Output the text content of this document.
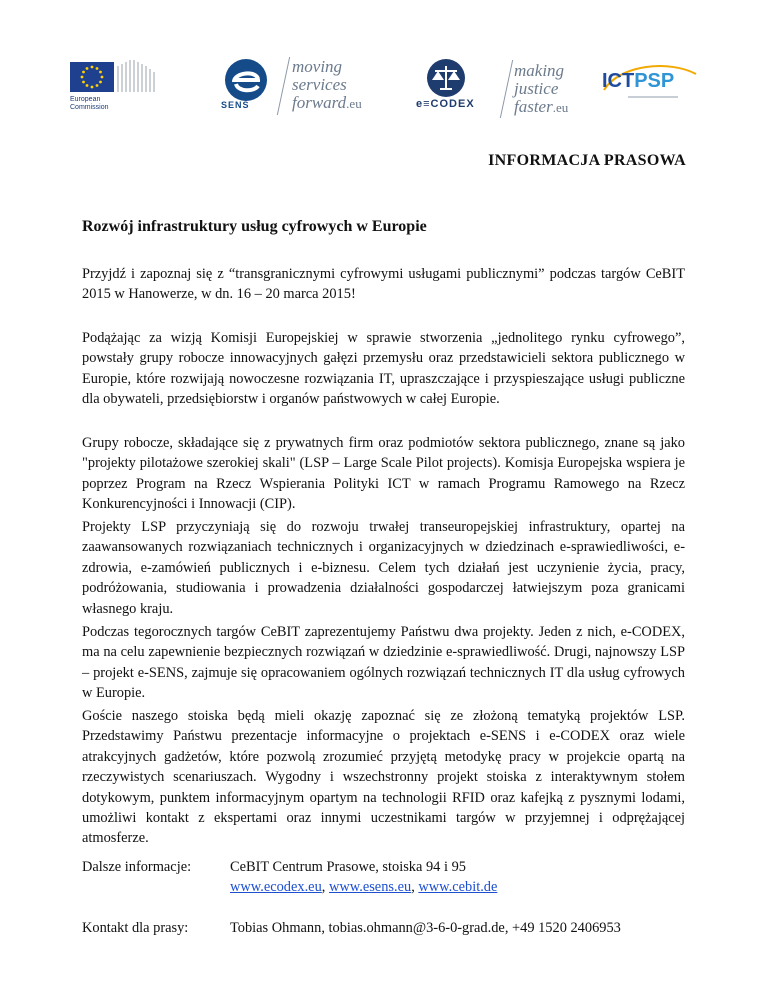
European
Commission	SENS
moving
services
forward.eu	e≡CODEX
making
justice
faster.eu
ICTPSP
INFORMACJA PRASOWA
Rozwój infrastruktury usług cyfrowych w Europie

Przyjdź i zapoznaj się z “transgranicznymi cyfrowymi usługami publicznymi” podczas targów CeBIT 2015 w Hanowerze, w dn. 16 – 20 marca 2015!

Podążając za wizją Komisji Europejskiej w sprawie stworzenia „jednolitego rynku cyfrowego”, powstały grupy robocze innowacyjnych gałęzi przemysłu oraz przedstawicieli sektora publicznego w Europie, które rozwijają nowoczesne rozwiązania IT, upraszczające i przyspieszające usługi publiczne dla obywateli, przedsiębiorstw i organów państwowych w całej Europie.

Grupy robocze, składające się z prywatnych firm oraz podmiotów sektora publicznego, znane są jako "projekty pilotażowe szerokiej skali" (LSP – Large Scale Pilot projects). Komisja Europejska wspiera je poprzez Program na Rzecz Wspierania Polityki ICT w ramach Programu Ramowego na Rzecz Konkurencyjności i Innowacji (CIP).

Projekty LSP przyczyniają się do rozwoju trwałej transeuropejskiej infrastruktury, opartej na zaawansowanych rozwiązaniach technicznych i organizacyjnych w dziedzinach e-sprawiedliwości, e-zdrowia, e-zamówień publicznych i e-biznesu. Celem tych działań jest uczynienie życia, pracy, podróżowania, studiowania i prowadzenia działalności gospodarczej łatwiejszym poza granicami własnego kraju.

Podczas tegorocznych targów CeBIT zaprezentujemy Państwu dwa projekty. Jeden z nich, e-CODEX, ma na celu zapewnienie bezpiecznych rozwiązań w dziedzinie e-sprawiedliwość. Drugi, najnowszy LSP – projekt e-SENS, zajmuje się opracowaniem ogólnych rozwiązań technicznych IT dla usług cyfrowych w Europie.

Goście naszego stoiska będą mieli okazję zapoznać się ze złożoną tematyką projektów LSP. Przedstawimy Państwu prezentacje informacyjne o projektach e-SENS i e-CODEX oraz wiele atrakcyjnych gadżetów, które pozwolą zrozumieć przyjętą metodykę pracy w projekcie opartą na rzeczywistych scenariuszach. Wygodny i wszechstronny projekt stoiska z interaktywnym stołem dotykowym, punktem informacyjnym opartym na technologii RFID oraz kafejką z pysznymi lodami, umożliwi kontakt z ekspertami oraz innymi uczestnikami targów w przyjemnej i odprężającej atmosferze.

Dalsze informacje:	CeBIT Centrum Prasowe, stoiska 94 i 95
www.ecodex.eu, www.esens.eu, www.cebit.de
Kontakt dla prasy:	Tobias Ohmann, tobias.ohmann@3-6-0-grad.de, +49 1520 2406953
